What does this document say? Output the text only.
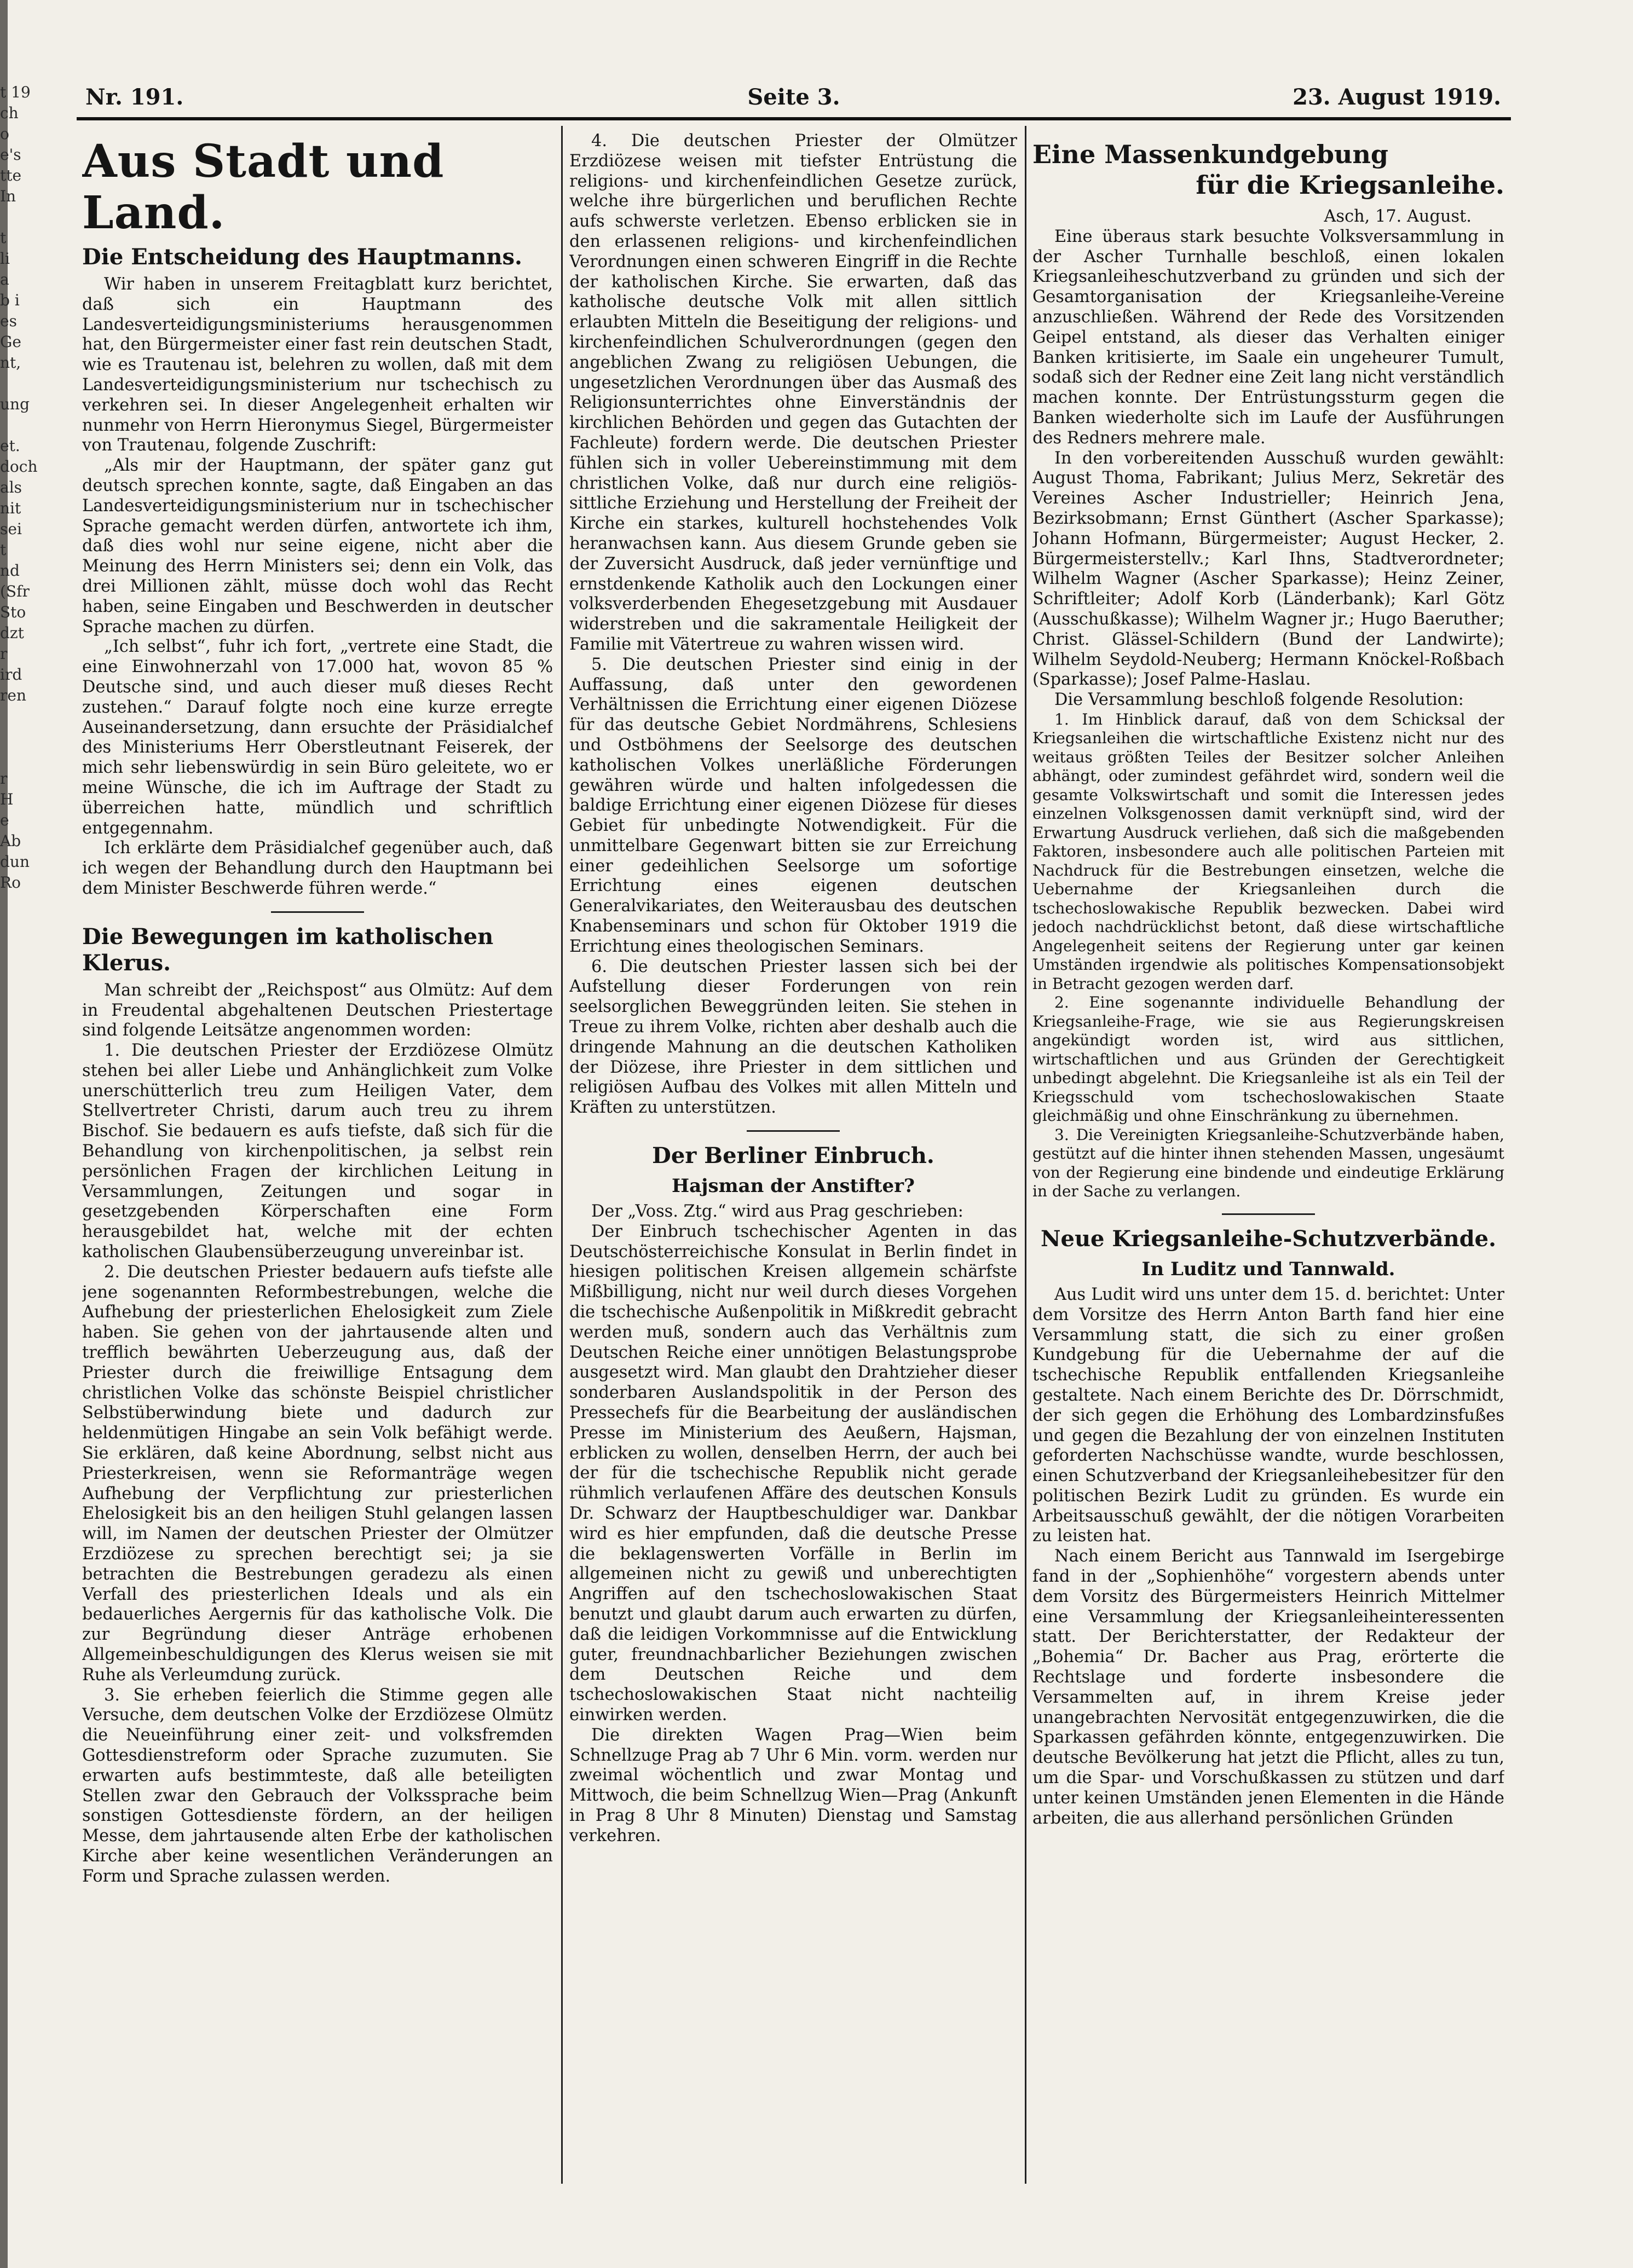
t 19
ch
o
e's
tte
In
t
li
a
b i
es
Ge
nt,
ung
et.
doch
als
nit
sei
t
nd
(Sfr
Sto
dzt
r
ird
ren
r
H
e
Ab
dun
Ro
Nr. 191.	Seite 3.	23. August 1919.
Aus Stadt und Land.
Die Entscheidung des Hauptmanns.

Wir haben in unserem Freitagblatt kurz berichtet, daß sich ein Hauptmann des Landesverteidigungsministeriums herausgenommen hat, den Bürgermeister einer fast rein deutschen Stadt, wie es Trautenau ist, belehren zu wollen, daß mit dem Landesverteidigungsministerium nur tschechisch zu verkehren sei. In dieser Angelegenheit erhalten wir nunmehr von Herrn Hieronymus Siegel, Bürgermeister von Trautenau, folgende Zuschrift:

„Als mir der Hauptmann, der später ganz gut deutsch sprechen konnte, sagte, daß Eingaben an das Landesverteidigungsministerium nur in tschechischer Sprache gemacht werden dürfen, antwortete ich ihm, daß dies wohl nur seine eigene, nicht aber die Meinung des Herrn Ministers sei; denn ein Volk, das drei Millionen zählt, müsse doch wohl das Recht haben, seine Eingaben und Beschwerden in deutscher Sprache machen zu dürfen.

„Ich selbst“, fuhr ich fort, „vertrete eine Stadt, die eine Einwohnerzahl von 17.000 hat, wovon 85 % Deutsche sind, und auch dieser muß dieses Recht zustehen.“ Darauf folgte noch eine kurze erregte Auseinandersetzung, dann ersuchte der Präsidialchef des Ministeriums Herr Oberstleutnant Feiserek, der mich sehr liebenswürdig in sein Büro geleitete, wo er meine Wünsche, die ich im Auftrage der Stadt zu überreichen hatte, mündlich und schriftlich entgegennahm.

Ich erklärte dem Präsidialchef gegenüber auch, daß ich wegen der Behandlung durch den Hauptmann bei dem Minister Beschwerde führen werde.“

Die Bewegungen im katholischen Klerus.

Man schreibt der „Reichspost“ aus Olmütz: Auf dem in Freudental abgehaltenen Deutschen Priestertage sind folgende Leitsätze angenommen worden:

1. Die deutschen Priester der Erzdiözese Olmütz stehen bei aller Liebe und Anhänglichkeit zum Volke unerschütterlich treu zum Heiligen Vater, dem Stellvertreter Christi, darum auch treu zu ihrem Bischof. Sie bedauern es aufs tiefste, daß sich für die Behandlung von kirchenpolitischen, ja selbst rein persönlichen Fragen der kirchlichen Leitung in Versammlungen, Zeitungen und sogar in gesetzgebenden Körperschaften eine Form herausgebildet hat, welche mit der echten katholischen Glaubensüberzeugung unvereinbar ist.

2. Die deutschen Priester bedauern aufs tiefste alle jene sogenannten Reformbestrebungen, welche die Aufhebung der priesterlichen Ehelosigkeit zum Ziele haben. Sie gehen von der jahrtausende alten und trefflich bewährten Ueberzeugung aus, daß der Priester durch die freiwillige Entsagung dem christlichen Volke das schönste Beispiel christlicher Selbstüberwindung biete und dadurch zur heldenmütigen Hingabe an sein Volk befähigt werde. Sie erklären, daß keine Abordnung, selbst nicht aus Priesterkreisen, wenn sie Reformanträge wegen Aufhebung der Verpflichtung zur priesterlichen Ehelosigkeit bis an den heiligen Stuhl gelangen lassen will, im Namen der deutschen Priester der Olmützer Erzdiözese zu sprechen berechtigt sei; ja sie betrachten die Bestrebungen geradezu als einen Verfall des priesterlichen Ideals und als ein bedauerliches Aergernis für das katholische Volk. Die zur Begründung dieser Anträge erhobenen Allgemeinbeschuldigungen des Klerus weisen sie mit Ruhe als Verleumdung zurück.

3. Sie erheben feierlich die Stimme gegen alle Versuche, dem deutschen Volke der Erzdiözese Olmütz die Neueinführung einer zeit- und volksfremden Gottesdienstreform oder Sprache zuzumuten. Sie erwarten aufs bestimmteste, daß alle beteiligten Stellen zwar den Gebrauch der Volkssprache beim sonstigen Gottesdienste fördern, an der heiligen Messe, dem jahrtausende alten Erbe der katholischen Kirche aber keine wesentlichen Veränderungen an Form und Sprache zulassen werden.

4. Die deutschen Priester der Olmützer Erzdiözese weisen mit tiefster Entrüstung die religions- und kirchenfeindlichen Gesetze zurück, welche ihre bürgerlichen und beruflichen Rechte aufs schwerste verletzen. Ebenso erblicken sie in den erlassenen religions- und kirchenfeindlichen Verordnungen einen schweren Eingriff in die Rechte der katholischen Kirche. Sie erwarten, daß das katholische deutsche Volk mit allen sittlich erlaubten Mitteln die Beseitigung der religions- und kirchenfeindlichen Schulverordnungen (gegen den angeblichen Zwang zu religiösen Uebungen, die ungesetzlichen Verordnungen über das Ausmaß des Religionsunterrichtes ohne Einverständnis der kirchlichen Behörden und gegen das Gutachten der Fachleute) fordern werde. Die deutschen Priester fühlen sich in voller Uebereinstimmung mit dem christlichen Volke, daß nur durch eine religiös-sittliche Erziehung und Herstellung der Freiheit der Kirche ein starkes, kulturell hochstehendes Volk heranwachsen kann. Aus diesem Grunde geben sie der Zuversicht Ausdruck, daß jeder vernünftige und ernstdenkende Katholik auch den Lockungen einer volksverderbenden Ehegesetzgebung mit Ausdauer widerstreben und die sakramentale Heiligkeit der Familie mit Vätertreue zu wahren wissen wird.

5. Die deutschen Priester sind einig in der Auffassung, daß unter den gewordenen Verhältnissen die Errichtung einer eigenen Diözese für das deutsche Gebiet Nordmährens, Schlesiens und Ostböhmens der Seelsorge des deutschen katholischen Volkes unerläßliche Förderungen gewähren würde und halten infolgedessen die baldige Errichtung einer eigenen Diözese für dieses Gebiet für unbedingte Notwendigkeit. Für die unmittelbare Gegenwart bitten sie zur Erreichung einer gedeihlichen Seelsorge um sofortige Errichtung eines eigenen deutschen Generalvikariates, den Weiterausbau des deutschen Knabenseminars und schon für Oktober 1919 die Errichtung eines theologischen Seminars.

6. Die deutschen Priester lassen sich bei der Aufstellung dieser Forderungen von rein seelsorglichen Beweggründen leiten. Sie stehen in Treue zu ihrem Volke, richten aber deshalb auch die dringende Mahnung an die deutschen Katholiken der Diözese, ihre Priester in dem sittlichen und religiösen Aufbau des Volkes mit allen Mitteln und Kräften zu unterstützen.

Der Berliner Einbruch.
Hajsman der Anstifter?

Der „Voss. Ztg.“ wird aus Prag geschrieben:

Der Einbruch tschechischer Agenten in das Deutschösterreichische Konsulat in Berlin findet in hiesigen politischen Kreisen allgemein schärfste Mißbilligung, nicht nur weil durch dieses Vorgehen die tschechische Außenpolitik in Mißkredit gebracht werden muß, sondern auch das Verhältnis zum Deutschen Reiche einer unnötigen Belastungsprobe ausgesetzt wird. Man glaubt den Drahtzieher dieser sonderbaren Auslandspolitik in der Person des Pressechefs für die Bearbeitung der ausländischen Presse im Ministerium des Aeußern, Hajsman, erblicken zu wollen, denselben Herrn, der auch bei der für die tschechische Republik nicht gerade rühmlich verlaufenen Affäre des deutschen Konsuls Dr. Schwarz der Hauptbeschuldiger war. Dankbar wird es hier empfunden, daß die deutsche Presse die beklagenswerten Vorfälle in Berlin im allgemeinen nicht zu gewiß und unberechtigten Angriffen auf den tschechoslowakischen Staat benutzt und glaubt darum auch erwarten zu dürfen, daß die leidigen Vorkommnisse auf die Entwicklung guter, freundnachbarlicher Beziehungen zwischen dem Deutschen Reiche und dem tschechoslowakischen Staat nicht nachteilig einwirken werden.

Die direkten Wagen Prag—Wien beim Schnellzuge Prag ab 7 Uhr 6 Min. vorm. werden nur zweimal wöchentlich und zwar Montag und Mittwoch, die beim Schnellzug Wien—Prag (Ankunft in Prag 8 Uhr 8 Minuten) Dienstag und Samstag verkehren.

Eine Massenkundgebung
für die Kriegsanleihe.

Asch, 17. August.

Eine überaus stark besuchte Volksversammlung in der Ascher Turnhalle beschloß, einen lokalen Kriegsanleiheschutzverband zu gründen und sich der Gesamtorganisation der Kriegsanleihe-Vereine anzuschließen. Während der Rede des Vorsitzenden Geipel entstand, als dieser das Verhalten einiger Banken kritisierte, im Saale ein ungeheurer Tumult, sodaß sich der Redner eine Zeit lang nicht verständlich machen konnte. Der Entrüstungssturm gegen die Banken wiederholte sich im Laufe der Ausführungen des Redners mehrere male.

In den vorbereitenden Ausschuß wurden gewählt: August Thoma, Fabrikant; Julius Merz, Sekretär des Vereines Ascher Industrieller; Heinrich Jena, Bezirksobmann; Ernst Günthert (Ascher Sparkasse); Johann Hofmann, Bürgermeister; August Hecker, 2. Bürgermeisterstellv.; Karl Ihns, Stadtverordneter; Wilhelm Wagner (Ascher Sparkasse); Heinz Zeiner, Schriftleiter; Adolf Korb (Länderbank); Karl Götz (Ausschußkasse); Wilhelm Wagner jr.; Hugo Baeruther; Christ. Glässel-Schildern (Bund der Landwirte); Wilhelm Seydold-Neuberg; Hermann Knöckel-Roßbach (Sparkasse); Josef Palme-Haslau.

Die Versammlung beschloß folgende Resolution:

1. Im Hinblick darauf, daß von dem Schicksal der Kriegsanleihen die wirtschaftliche Existenz nicht nur des weitaus größten Teiles der Besitzer solcher Anleihen abhängt, oder zumindest gefährdet wird, sondern weil die gesamte Volkswirtschaft und somit die Interessen jedes einzelnen Volksgenossen damit verknüpft sind, wird der Erwartung Ausdruck verliehen, daß sich die maßgebenden Faktoren, insbesondere auch alle politischen Parteien mit Nachdruck für die Bestrebungen einsetzen, welche die Uebernahme der Kriegsanleihen durch die tschechoslowakische Republik bezwecken. Dabei wird jedoch nachdrücklichst betont, daß diese wirtschaftliche Angelegenheit seitens der Regierung unter gar keinen Umständen irgendwie als politisches Kompensationsobjekt in Betracht gezogen werden darf.

2. Eine sogenannte individuelle Behandlung der Kriegsanleihe-Frage, wie sie aus Regierungskreisen angekündigt worden ist, wird aus sittlichen, wirtschaftlichen und aus Gründen der Gerechtigkeit unbedingt abgelehnt. Die Kriegsanleihe ist als ein Teil der Kriegsschuld vom tschechoslowakischen Staate gleichmäßig und ohne Einschränkung zu übernehmen.

3. Die Vereinigten Kriegsanleihe-Schutzverbände haben, gestützt auf die hinter ihnen stehenden Massen, ungesäumt von der Regierung eine bindende und eindeutige Erklärung in der Sache zu verlangen.

Neue Kriegsanleihe-Schutzverbände.
In Luditz und Tannwald.

Aus Ludit wird uns unter dem 15. d. berichtet: Unter dem Vorsitze des Herrn Anton Barth fand hier eine Versammlung statt, die sich zu einer großen Kundgebung für die Uebernahme der auf die tschechische Republik entfallenden Kriegsanleihe gestaltete. Nach einem Berichte des Dr. Dörrschmidt, der sich gegen die Erhöhung des Lombardzinsfußes und gegen die Bezahlung der von einzelnen Instituten geforderten Nachschüsse wandte, wurde beschlossen, einen Schutzverband der Kriegsanleihebesitzer für den politischen Bezirk Ludit zu gründen. Es wurde ein Arbeitsausschuß gewählt, der die nötigen Vorarbeiten zu leisten hat.

Nach einem Bericht aus Tannwald im Isergebirge fand in der „Sophienhöhe“ vorgestern abends unter dem Vorsitz des Bürgermeisters Heinrich Mittelmer eine Versammlung der Kriegsanleiheinteressenten statt. Der Berichterstatter, der Redakteur der „Bohemia“ Dr. Bacher aus Prag, erörterte die Rechtslage und forderte insbesondere die Versammelten auf, in ihrem Kreise jeder unangebrachten Nervosität entgegenzuwirken, die die Sparkassen gefährden könnte, entgegenzuwirken. Die deutsche Bevölkerung hat jetzt die Pflicht, alles zu tun, um die Spar- und Vorschußkassen zu stützen und darf unter keinen Umständen jenen Elementen in die Hände arbeiten, die aus allerhand persönlichen Gründen
